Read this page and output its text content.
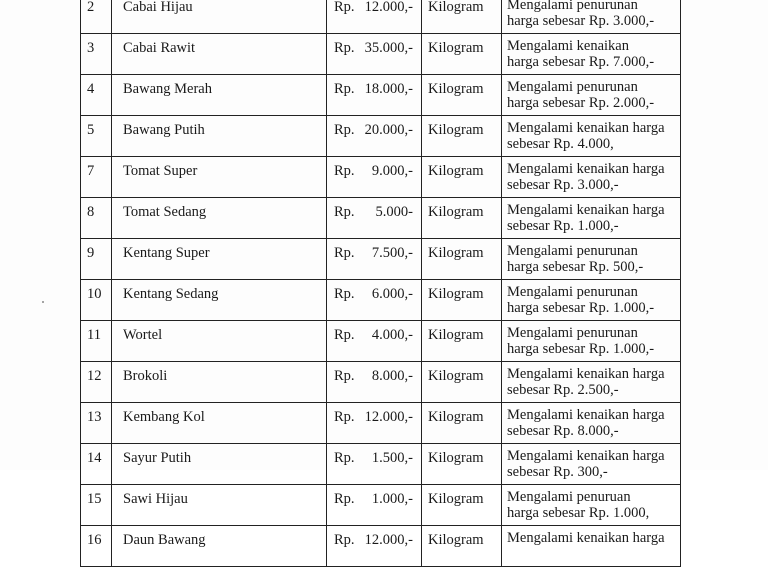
2	Cabai Hijau	Rp. 12.000,-	Kilogram	Mengalami penurunan
harga sebesar Rp. 3.000,-

3	Cabai Rawit	Rp. 35.000,-	Kilogram	Mengalami kenaikan
harga sebesar Rp. 7.000,-

4	Bawang Merah	Rp. 18.000,-	Kilogram	Mengalami penurunan
harga sebesar Rp. 2.000,-

5	Bawang Putih	Rp. 20.000,-	Kilogram	Mengalami kenaikan harga
sebesar Rp. 4.000,

7	Tomat Super	Rp. 9.000,-	Kilogram	Mengalami kenaikan harga
sebesar Rp. 3.000,-

8	Tomat Sedang	Rp. 5.000-	Kilogram	Mengalami kenaikan harga
sebesar Rp. 1.000,-

9	Kentang Super	Rp. 7.500,-	Kilogram	Mengalami penurunan
harga sebesar Rp. 500,-

10	Kentang Sedang	Rp. 6.000,-	Kilogram	Mengalami penurunan
harga sebesar Rp. 1.000,-

11	Wortel	Rp. 4.000,-	Kilogram	Mengalami penurunan
harga sebesar Rp. 1.000,-

12	Brokoli	Rp. 8.000,-	Kilogram	Mengalami kenaikan harga
sebesar Rp. 2.500,-

13	Kembang Kol	Rp. 12.000,-	Kilogram	Mengalami kenaikan harga
sebesar Rp. 8.000,-

14	Sayur Putih	Rp. 1.500,-	Kilogram	Mengalami kenaikan harga
sebesar Rp. 300,-

15	Sawi Hijau	Rp. 1.000,-	Kilogram	Mengalami penuruan
harga sebesar Rp. 1.000,

16	Daun Bawang	Rp. 12.000,-	Kilogram	Mengalami kenaikan harga
